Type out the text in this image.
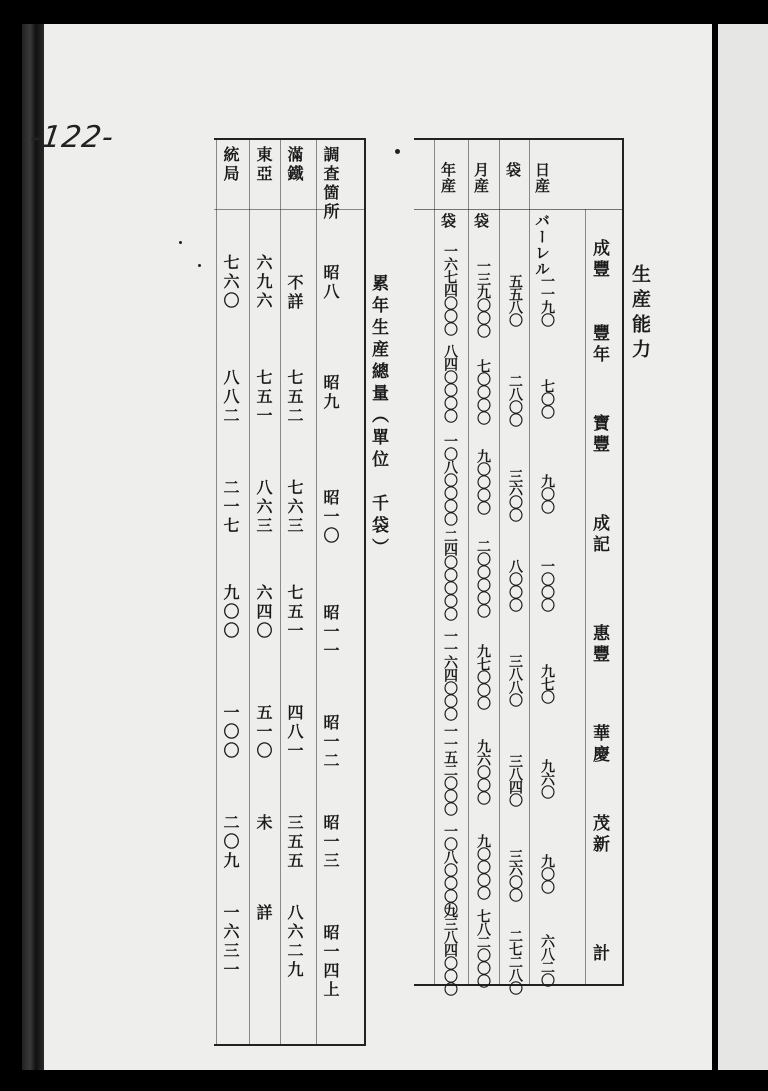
-122-
生産能力
成豐
豐年
寶豐
成記
惠豐
華慶
茂新
計
日産 バーレル
袋
月産 袋
年産 袋
一一九〇
七〇〇
九〇〇
一〇〇〇
九七〇
九六〇
九〇〇
六八二〇
五五八〇
二八〇〇
三六〇〇
八〇〇〇
三八八〇
三八四〇
三六〇〇
二七二八〇
一三九〇〇〇
七〇〇〇〇
九〇〇〇〇
二〇〇〇〇〇
九七〇〇〇
九六〇〇〇
九〇〇〇〇
七八二〇〇〇
一六七四〇〇〇
八四〇〇〇〇
一〇八〇〇〇〇
二四〇〇〇〇〇
一一六四〇〇〇
一一五二〇〇〇
一〇八〇〇〇〇
九三八四〇〇〇
累年生産總量（單位　千袋）
調査箇所
昭八
昭九
昭一〇
昭一一
昭一二
昭一三
昭一四上
滿鐵
不詳
七五二
七六三
七五一
四八一
三五五
八六二九
東亞
六九六
七五一
八六三
六四〇
五一〇
未
詳
統局
七六〇
八八二
二一七
九〇〇
一〇〇
二〇九
一六三一
